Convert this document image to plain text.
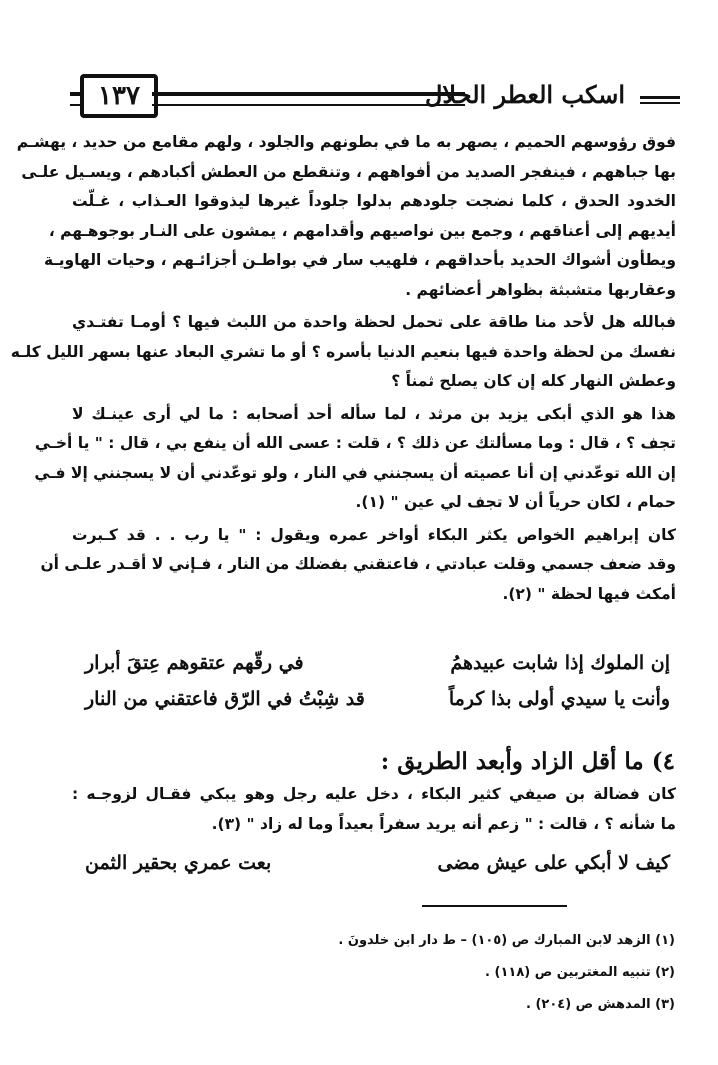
اسكب العطر الحلال
١٣٧
فوق رؤوسهم الحميم ، يصهر به ما في بطونهم والجلود ، ولهم مقامع من حديد ، يهشـم
بها جباههم ، فينفجر الصديد من أفواههم ، وتنقطع من العطش أكبادهم ، ويسـيل علـى
الخدود الحدق ، كلما نضجت جلودهم بدلوا جلوداً غيرها ليذوقوا العـذاب ، غـلّت
أيديهم إلى أعناقهم ، وجمع بين نواصيهم وأقدامهم ، يمشون على النـار بوجوهـهم ،
ويطأون أشواك الحديد بأحداقهم ، فلهيب سار في بواطـن أجزائـهم ، وحيات الهاويـة
وعقاربها متشبثة بظواهر أعضائهم .
فبالله هل لأحد منا طاقة على تحمل لحظة واحدة من اللبث فيها ؟ أومـا تفتـدي
نفسك من لحظة واحدة فيها بنعيم الدنيا بأسره ؟ أو ما تشري البعاد عنها بسهر الليل كلـه
وعطش النهار كله إن كان يصلح ثمناً ؟
هذا هو الذي أبكى يزيد بن مرثد ، لما سأله أحد أصحابه : ما لي أرى عينـك لا
تجف ؟ ، قال : وما مسألتك عن ذلك ؟ ، قلت : عسى الله أن ينفع بي ، قال : " يا أخـي
إن الله توعّدني إن أنا عصيته أن يسجنني في النار ، ولو توعّدني أن لا يسجنني إلا فـي
حمام ، لكان حرياً أن لا تجف لي عين " (١).
كان إبراهيم الخواص يكثر البكاء أواخر عمره ويقول : " يا رب . . قد كـبرت
وقد ضعف جسمي وقلت عبادتي ، فاعتقني بفضلك من النار ، فـإني لا أقـدر علـى أن
أمكث فيها لحظة " (٢).
إن الملوك إذا شابت عبيدهمُ
في رقّهم عتقوهم عِتقَ أبرار
وأنت يا سيدي أولى بذا كرماً
قد شِبْتُ في الرّق فاعتقني من النار
٤) ما أقل الزاد وأبعد الطريق :
كان فضالة بن صيفي كثير البكاء ، دخل عليه رجل وهو يبكي فقـال لزوجـه :
ما شأنه ؟ ، قالت : " زعم أنه يريد سفراً بعيداً وما له زاد " (٣).
كيف لا أبكي على عيش مضى
بعت عمري بحقير الثمن
(١) الزهد لابن المبارك ص (١٠٥) – ط دار ابن خلدونَ .
(٢) تنبيه المغتربين ص (١١٨) .
(٣) المدهش ص (٢٠٤) .
